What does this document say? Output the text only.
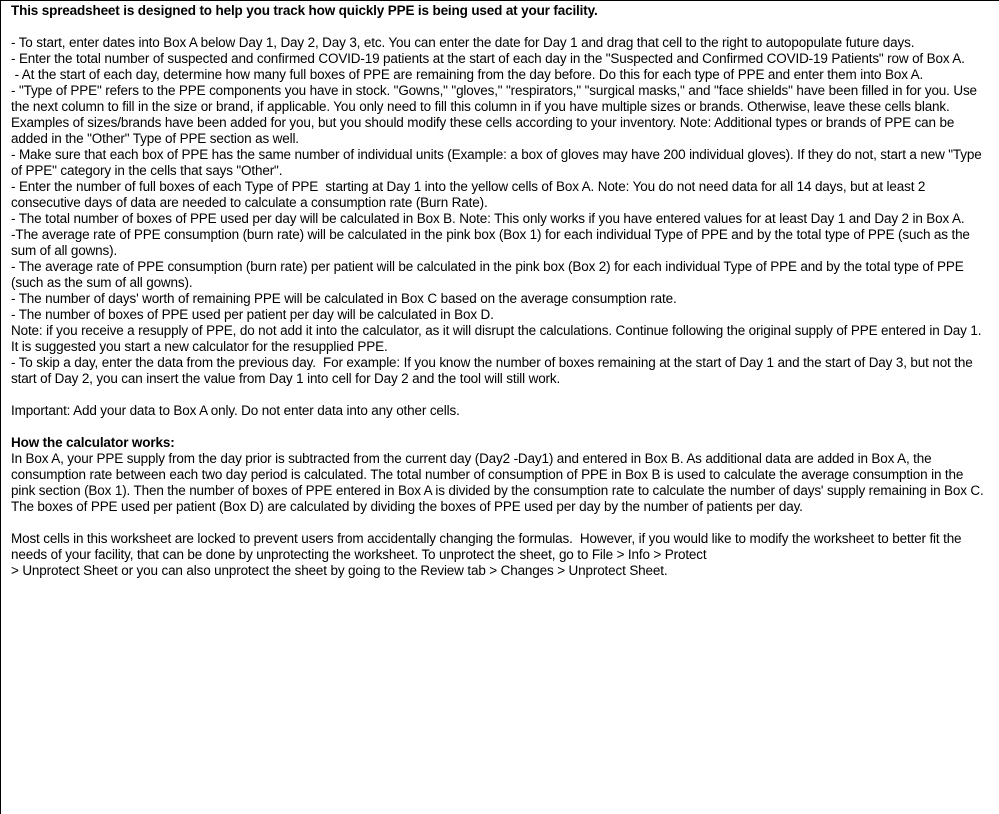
This spreadsheet is designed to help you track how quickly PPE is being used at your facility.
- To start, enter dates into Box A below Day 1, Day 2, Day 3, etc. You can enter the date for Day 1 and drag that cell to the right to autopopulate future days.
- Enter the total number of suspected and confirmed COVID-19 patients at the start of each day in the "Suspected and Confirmed COVID-19 Patients" row of Box A.
- At the start of each day, determine how many full boxes of PPE are remaining from the day before. Do this for each type of PPE and enter them into Box A.
- "Type of PPE" refers to the PPE components you have in stock. "Gowns," "gloves," "respirators," "surgical masks," and "face shields" have been filled in for you. Use the next column to fill in the size or brand, if applicable. You only need to fill this column in if you have multiple sizes or brands. Otherwise, leave these cells blank. Examples of sizes/brands have been added for you, but you should modify these cells according to your inventory. Note: Additional types or brands of PPE can be added in the "Other" Type of PPE section as well.
- Make sure that each box of PPE has the same number of individual units (Example: a box of gloves may have 200 individual gloves). If they do not, start a new "Type of PPE" category in the cells that says "Other".
- Enter the number of full boxes of each Type of PPE  starting at Day 1 into the yellow cells of Box A. Note: You do not need data for all 14 days, but at least 2 consecutive days of data are needed to calculate a consumption rate (Burn Rate).
- The total number of boxes of PPE used per day will be calculated in Box B. Note: This only works if you have entered values for at least Day 1 and Day 2 in Box A.
-The average rate of PPE consumption (burn rate) will be calculated in the pink box (Box 1) for each individual Type of PPE and by the total type of PPE (such as the sum of all gowns).
- The average rate of PPE consumption (burn rate) per patient will be calculated in the pink box (Box 2) for each individual Type of PPE and by the total type of PPE (such as the sum of all gowns).
- The number of days' worth of remaining PPE will be calculated in Box C based on the average consumption rate.
- The number of boxes of PPE used per patient per day will be calculated in Box D.
Note: if you receive a resupply of PPE, do not add it into the calculator, as it will disrupt the calculations. Continue following the original supply of PPE entered in Day 1. It is suggested you start a new calculator for the resupplied PPE.
- To skip a day, enter the data from the previous day.  For example: If you know the number of boxes remaining at the start of Day 1 and the start of Day 3, but not the start of Day 2, you can insert the value from Day 1 into cell for Day 2 and the tool will still work.
Important: Add your data to Box A only. Do not enter data into any other cells.
How the calculator works:
In Box A, your PPE supply from the day prior is subtracted from the current day (Day2 -Day1) and entered in Box B. As additional data are added in Box A, the consumption rate between each two day period is calculated. The total number of consumption of PPE in Box B is used to calculate the average consumption in the pink section (Box 1). Then the number of boxes of PPE entered in Box A is divided by the consumption rate to calculate the number of days' supply remaining in Box C. The boxes of PPE used per patient (Box D) are calculated by dividing the boxes of PPE used per day by the number of patients per day.
Most cells in this worksheet are locked to prevent users from accidentally changing the formulas.  However, if you would like to modify the worksheet to better fit the needs of your facility, that can be done by unprotecting the worksheet. To unprotect the sheet, go to File > Info > Protect
> Unprotect Sheet or you can also unprotect the sheet by going to the Review tab > Changes > Unprotect Sheet.
